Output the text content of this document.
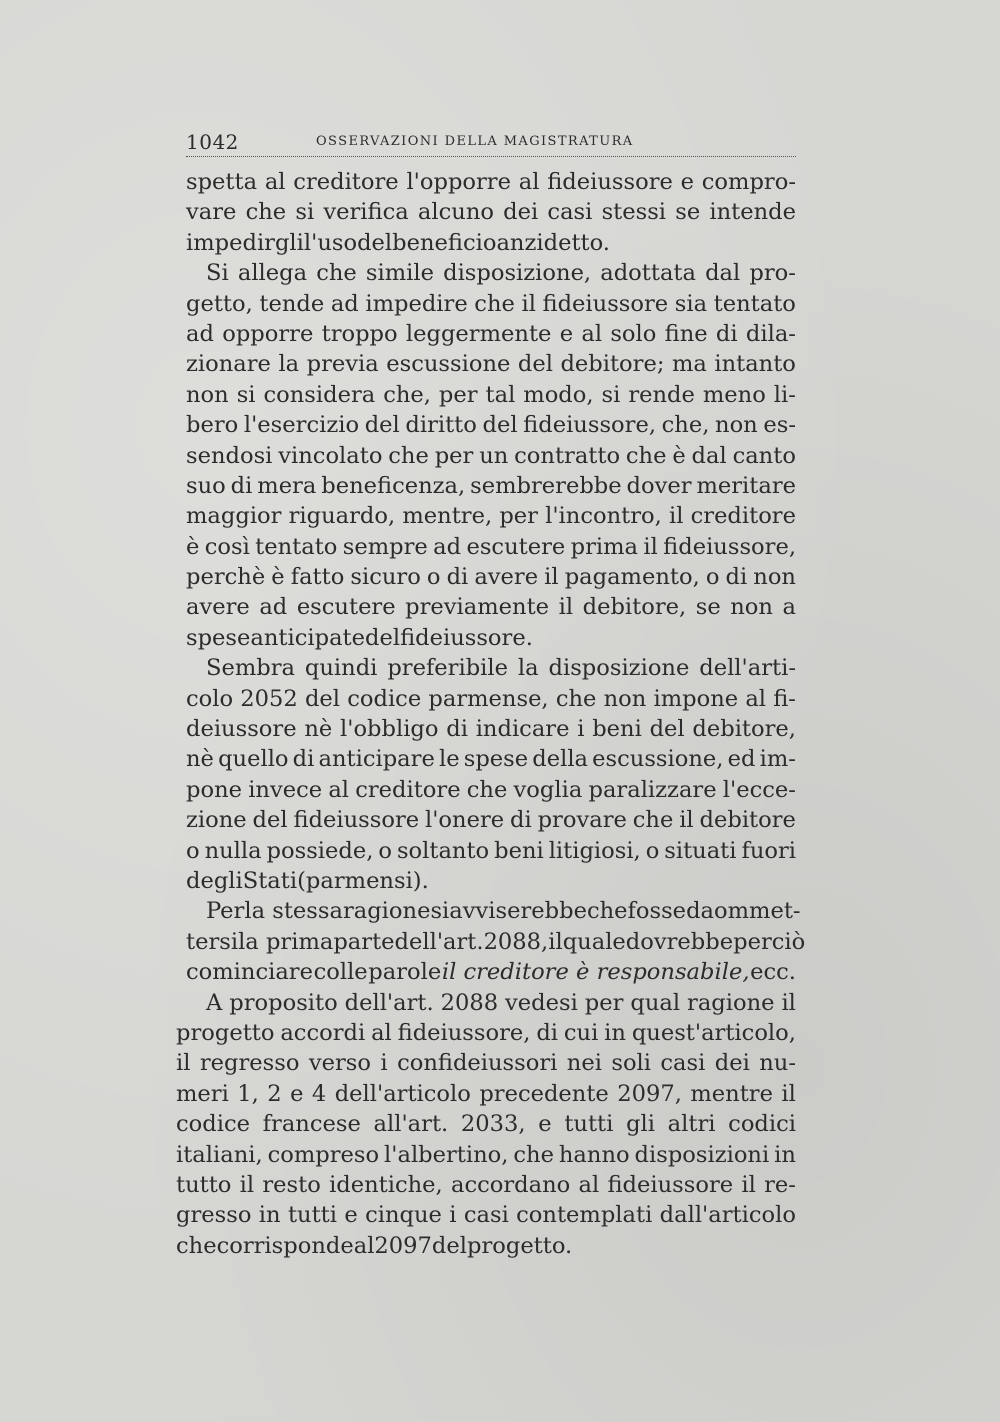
1042	OSSERVAZIONI DELLA MAGISTRATURA
spetta al creditore l'opporre al fideiussore e compro-
vare che si verifica alcuno dei casi stessi se intende
impedirgli l'uso del beneficio anzidetto.
Si allega che simile disposizione, adottata dal pro-
getto, tende ad impedire che il fideiussore sia tentato
ad opporre troppo leggermente e al solo fine di dila-
zionare la previa escussione del debitore; ma intanto
non si considera che, per tal modo, si rende meno li-
bero l'esercizio del diritto del fideiussore, che, non es-
sendosi vincolato che per un contratto che è dal canto
suo di mera beneficenza, sembrerebbe dover meritare
maggior riguardo, mentre, per l'incontro, il creditore
è così tentato sempre ad escutere prima il fideiussore,
perchè è fatto sicuro o di avere il pagamento, o di non
avere ad escutere previamente il debitore, se non a
spese anticipate del fideiussore.
Sembra quindi preferibile la disposizione dell'arti-
colo 2052 del codice parmense, che non impone al fi-
deiussore nè l'obbligo di indicare i beni del debitore,
nè quello di anticipare le spese della escussione, ed im-
pone invece al creditore che voglia paralizzare l'ecce-
zione del fideiussore l'onere di provare che il debitore
o nulla possiede, o soltanto beni litigiosi, o situati fuori
degli Stati (parmensi).
Per la stessa ragione si avviserebbe che fosse da ommet-
tersi la prima parte dell'art. 2088, il quale dovrebbe perciò
cominciare colle parole il creditore è responsabile, ecc.
A proposito dell'art. 2088 vedesi per qual ragione il
progetto accordi al fideiussore, di cui in quest'articolo,
il regresso verso i confideiussori nei soli casi dei nu-
meri 1, 2 e 4 dell'articolo precedente 2097, mentre il
codice francese all'art. 2033, e tutti gli altri codici
italiani, compreso l'albertino, che hanno disposizioni in
tutto il resto identiche, accordano al fideiussore il re-
gresso in tutti e cinque i casi contemplati dall'articolo
che corrisponde al 2097 del progetto.
